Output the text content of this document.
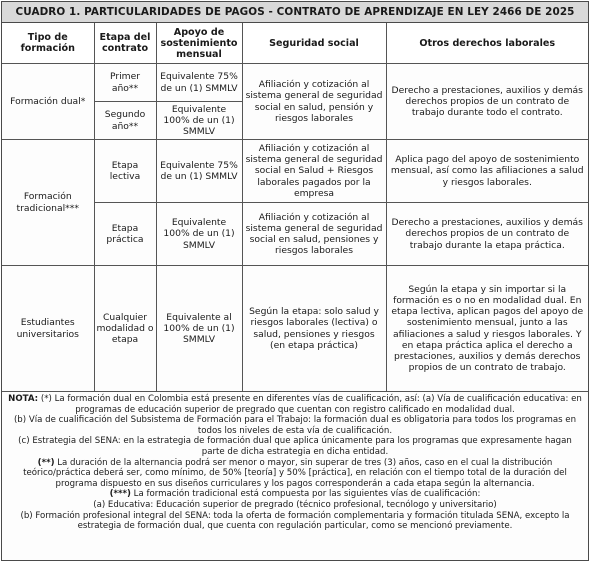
CUADRO 1. PARTICULARIDADES DE PAGOS - CONTRATO DE APRENDIZAJE EN LEY 2466 DE 2025
Tipo de formación	Etapa del contrato	Apoyo de sostenimiento mensual	Seguridad social	Otros derechos laborales
Formación dual*	Primer año**	Equivalente 75% de un (1) SMMLV	Afiliación y cotización al sistema general de seguridad social en salud, pensión y riesgos laborales	Derecho a prestaciones, auxilios y demás derechos propios de un contrato de trabajo durante todo el contrato.
	Segundo año**	Equivalente 100% de un (1) SMMLV		
Formación tradicional***	Etapa lectiva	Equivalente 75% de un (1) SMMLV	Afiliación y cotización al sistema general de seguridad social en Salud + Riesgos laborales pagados por la empresa	Aplica pago del apoyo de sostenimiento mensual, así como las afiliaciones a salud y riesgos laborales.
	Etapa práctica	Equivalente 100% de un (1) SMMLV	Afiliación y cotización al sistema general de seguridad social en salud, pensiones y riesgos laborales	Derecho a prestaciones, auxilios y demás derechos propios de un contrato de trabajo durante la etapa práctica.
Estudiantes universitarios	Cualquier modalidad o etapa	Equivalente al 100% de un (1) SMMLV	Según la etapa: solo salud y riesgos laborales (lectiva) o salud, pensiones y riesgos (en etapa práctica)	Según la etapa y sin importar si la formación es o no en modalidad dual. En etapa lectiva, aplican pagos del apoyo de sostenimiento mensual, junto a las afiliaciones a salud y riesgos laborales. Y en etapa práctica aplica el derecho a prestaciones, auxilios y demás derechos propios de un contrato de trabajo.

NOTA: (*) La formación dual en Colombia está presente en diferentes vías de cualificación, así: (a) Vía de cualificación educativa: en programas de educación superior de pregrado que cuentan con registro calificado en modalidad dual.

(b) Vía de cualificación del Subsistema de Formación para el Trabajo: la formación dual es obligatoria para todos los programas en todos los niveles de esta vía de cualificación.

(c) Estrategia del SENA: en la estrategia de formación dual que aplica únicamente para los programas que expresamente hagan parte de dicha estrategia en dicha entidad.

(**) La duración de la alternancia podrá ser menor o mayor, sin superar de tres (3) años, caso en el cual la distribución teórico/práctica deberá ser, como mínimo, de 50% [teoría] y 50% [práctica], en relación con el tiempo total de la duración del programa dispuesto en sus diseños curriculares y los pagos corresponderán a cada etapa según la alternancia.

(***) La formación tradicional está compuesta por las siguientes vías de cualificación:

(a) Educativa: Educación superior de pregrado (técnico profesional, tecnólogo y universitario)

(b) Formación profesional integral del SENA: toda la oferta de formación complementaria y formación titulada SENA, excepto la estrategia de formación dual, que cuenta con regulación particular, como se mencionó previamente.
